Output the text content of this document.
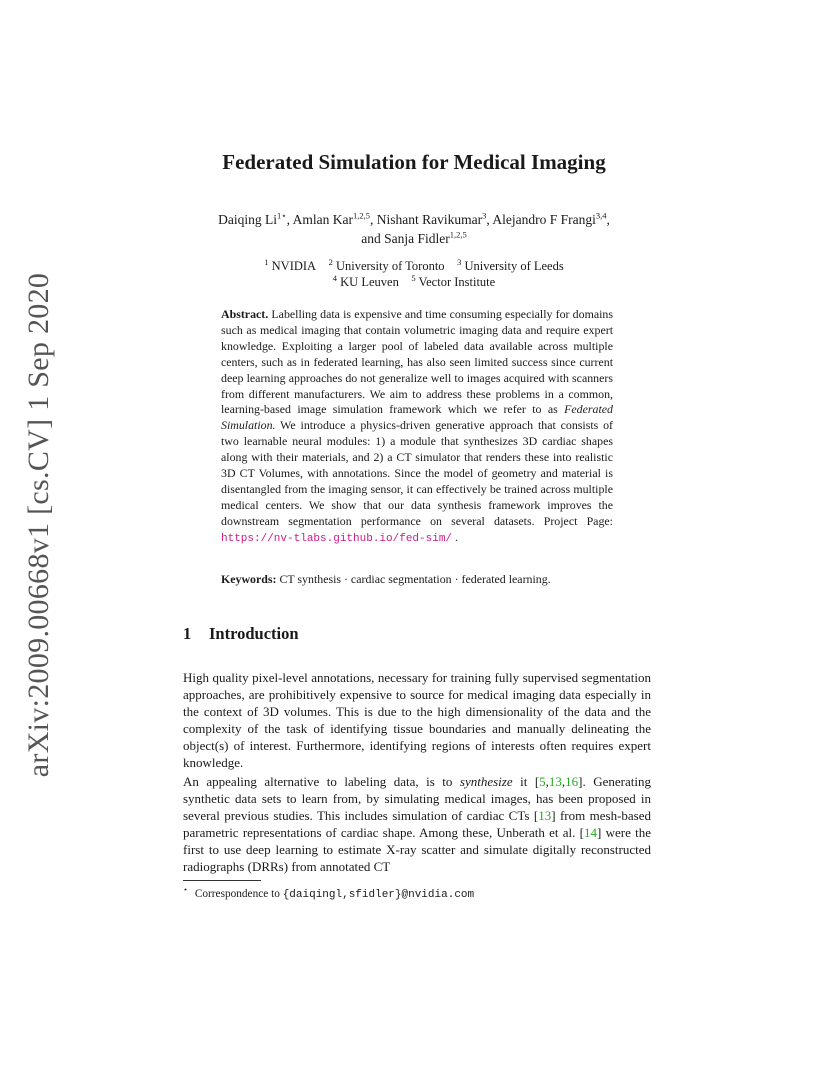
arXiv:2009.00668v1 [cs.CV] 1 Sep 2020
Federated Simulation for Medical Imaging
Daiqing $Li^{1⋆}$, Amlan Kar$^{1,2,5}$, Nishant Ravikumar$^3$, Alejandro F Frangi$^{3,4}$,
and Sanja Fidler$^{1,2,5}$
$^1$ NVIDIA $^2$ University of Toronto $^3$ University of Leeds
$^4$ KU Leuven $^5$ Vector Institute
Abstract. Labelling data is expensive and time consuming especially for domains such as medical imaging that contain volumetric imaging data and require expert knowledge. Exploiting a larger pool of labeled data available across multiple centers, such as in federated learning, has also seen limited success since current deep learning approaches do not generalize well to images acquired with scanners from different manufacturers. We aim to address these problems in a common, learning-based image simulation framework which we refer to as Federated Simulation. We introduce a physics-driven generative approach that consists of two learnable neural modules: 1) a module that synthesizes 3D cardiac shapes along with their materials, and 2) a CT simulator that renders these into realistic 3D CT Volumes, with annotations. Since the model of geometry and material is disentangled from the imaging sensor, it can effectively be trained across multiple medical centers. We show that our data synthesis framework improves the downstream segmentation performance on several datasets. Project Page: https://nv-tlabs.github.io/fed-sim/ .
Keywords: CT synthesis · cardiac segmentation · federated learning.
1 Introduction
High quality pixel-level annotations, necessary for training fully supervised segmentation approaches, are prohibitively expensive to source for medical imaging data especially in the context of 3D volumes. This is due to the high dimensionality of the data and the complexity of the task of identifying tissue boundaries and manually delineating the object(s) of interest. Furthermore, identifying regions of interests often requires expert knowledge.
An appealing alternative to labeling data, is to synthesize it [5,13,16]. Generating synthetic data sets to learn from, by simulating medical images, has been proposed in several previous studies. This includes simulation of cardiac CTs [13] from mesh-based parametric representations of cardiac shape. Among these, Unberath et al. [14] were the first to use deep learning to estimate X-ray scatter and simulate digitally reconstructed radiographs (DRRs) from annotated CT
⋆ Correspondence to {daiqingl,sfidler}@nvidia.com
